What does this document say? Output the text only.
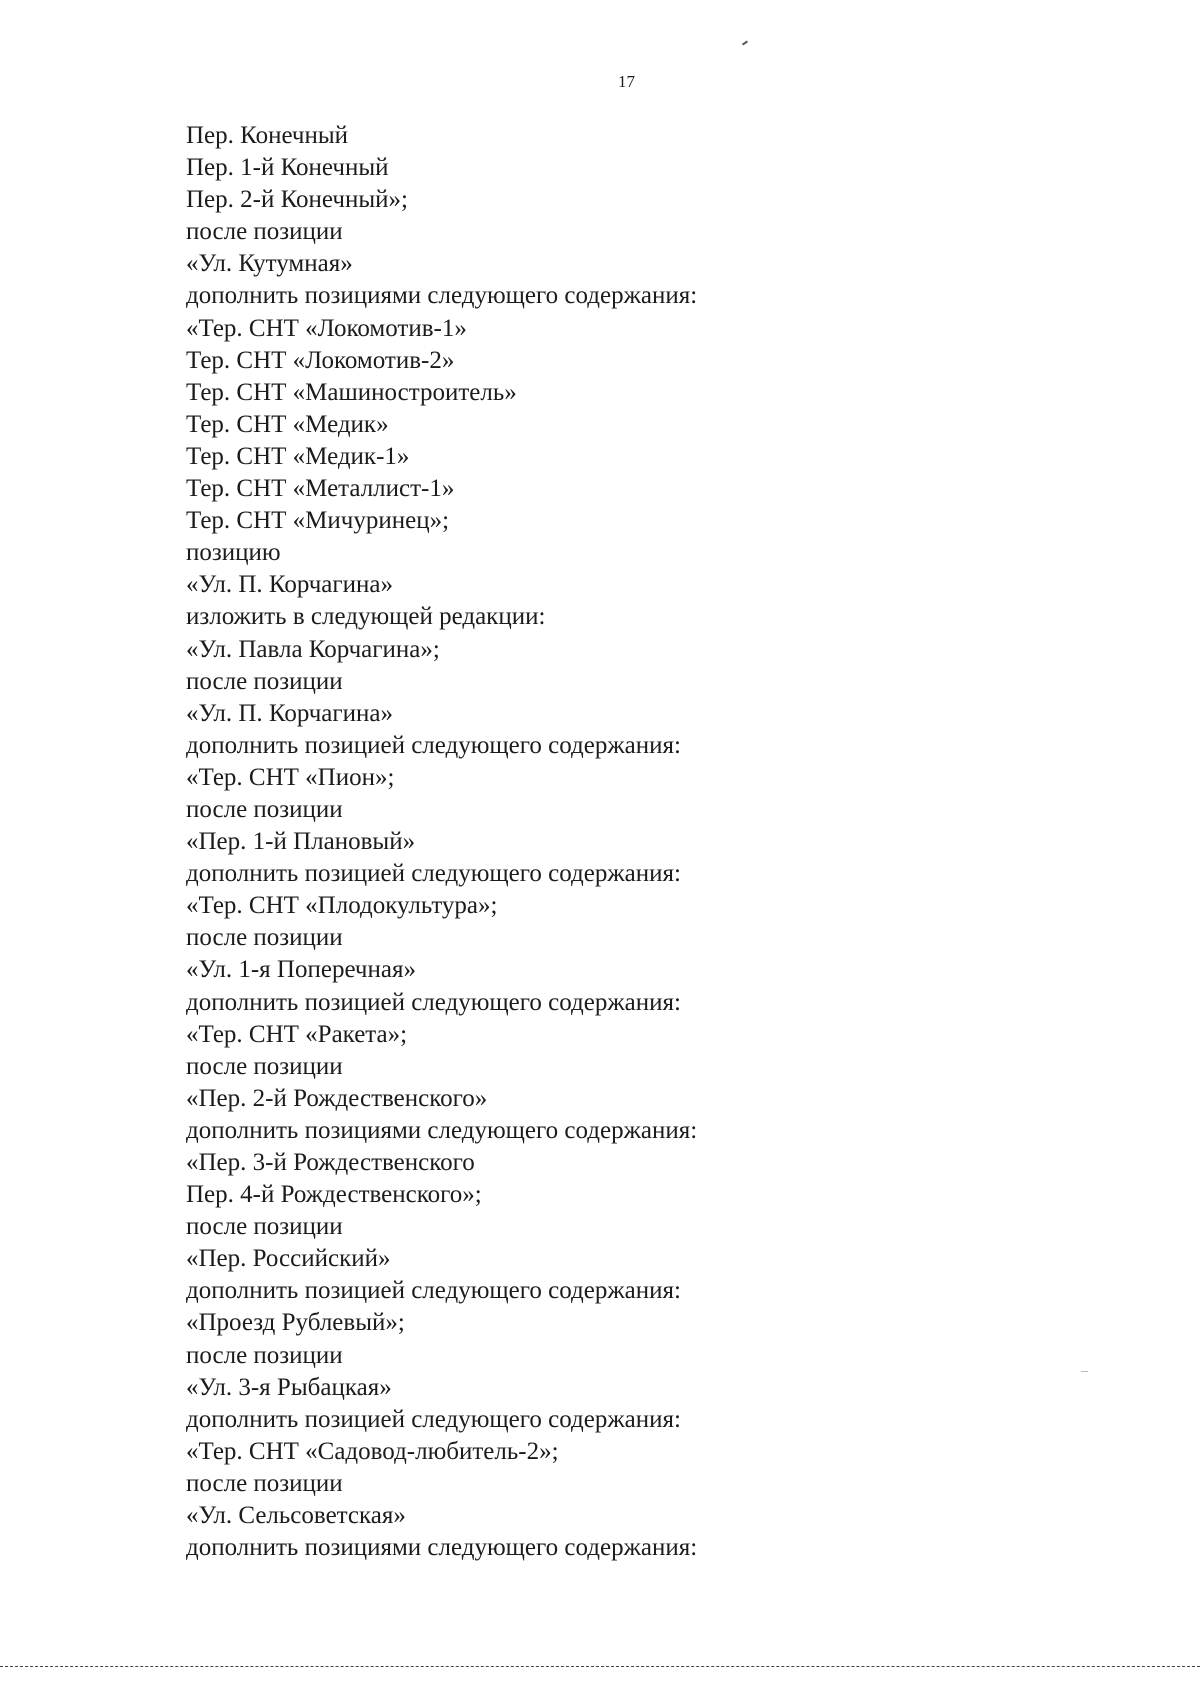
17
Пер. Конечный
Пер. 1-й Конечный
Пер. 2-й Конечный»;
после позиции
«Ул. Кутумная»
дополнить позициями следующего содержания:
«Тер. СНТ «Локомотив-1»
Тер. СНТ «Локомотив-2»
Тер. СНТ «Машиностроитель»
Тер. СНТ «Медик»
Тер. СНТ «Медик-1»
Тер. СНТ «Металлист-1»
Тер. СНТ «Мичуринец»;
позицию
«Ул. П. Корчагина»
изложить в следующей редакции:
«Ул. Павла Корчагина»;
после позиции
«Ул. П. Корчагина»
дополнить позицией следующего содержания:
«Тер. СНТ «Пион»;
после позиции
«Пер. 1-й Плановый»
дополнить позицией следующего содержания:
«Тер. СНТ «Плодокультура»;
после позиции
«Ул. 1-я Поперечная»
дополнить позицией следующего содержания:
«Тер. СНТ «Ракета»;
после позиции
«Пер. 2-й Рождественского»
дополнить позициями следующего содержания:
«Пер. 3-й Рождественского
Пер. 4-й Рождественского»;
после позиции
«Пер. Российский»
дополнить позицией следующего содержания:
«Проезд Рублевый»;
после позиции
«Ул. 3-я Рыбацкая»
дополнить позицией следующего содержания:
«Тер. СНТ «Садовод-любитель-2»;
после позиции
«Ул. Сельсоветская»
дополнить позициями следующего содержания:
